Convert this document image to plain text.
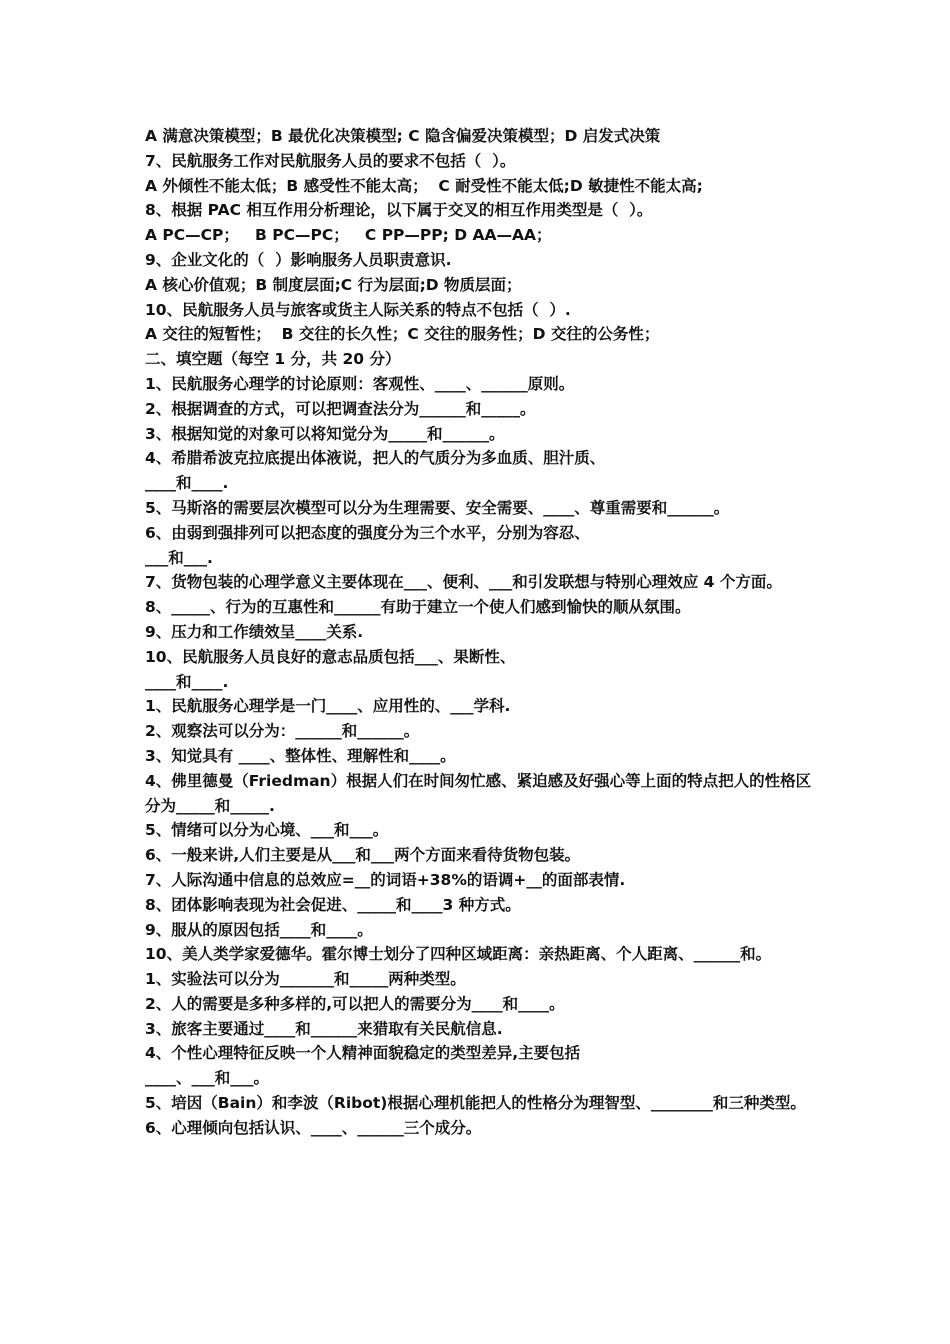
A 满意决策模型；B 最优化决策模型; C 隐含偏爱决策模型；D 启发式决策

7、民航服务工作对民航服务人员的要求不包括（  ）。

A 外倾性不能太低；B 感受性不能太高；  C 耐受性不能太低;D 敏捷性不能太高;

8、根据 PAC 相互作用分析理论，以下属于交叉的相互作用类型是（  ）。

A PC—CP；   B PC—PC；   C PP—PP; D AA—AA；

9、企业文化的（  ）影响服务人员职责意识.

A 核心价值观；B 制度层面;C 行为层面;D 物质层面；

10、民航服务人员与旅客或货主人际关系的特点不包括（  ）.

A 交往的短暂性；  B 交往的长久性；C 交往的服务性；D 交往的公务性；

二、填空题（每空 1 分，共 20 分）

1、民航服务心理学的讨论原则：客观性、____、______原则。

2、根据调查的方式，可以把调查法分为______和_____。

3、根据知觉的对象可以将知觉分为_____和______。

4、希腊希波克拉底提出体液说，把人的气质分为多血质、胆汁质、

____和____.

5、马斯洛的需要层次模型可以分为生理需要、安全需要、____、尊重需要和______。

6、由弱到强排列可以把态度的强度分为三个水平，分别为容忍、

___和___.

7、货物包装的心理学意义主要体现在___、便利、___和引发联想与特别心理效应 4 个方面。

8、_____、行为的互惠性和______有助于建立一个使人们感到愉快的顺从氛围。

9、压力和工作绩效呈____关系.

10、民航服务人员良好的意志品质包括___、果断性、

____和____.

1、民航服务心理学是一门____、应用性的、___学科.

2、观察法可以分为：______和______。

3、知觉具有 ____、整体性、理解性和____。

4、佛里德曼（Friedman）根据人们在时间匆忙感、紧迫感及好强心等上面的特点把人的性格区分为_____和_____.

5、情绪可以分为心境、___和___。

6、一般来讲,人们主要是从___和___两个方面来看待货物包装。

7、人际沟通中信息的总效应=__的词语+38%的语调+__的面部表情.

8、团体影响表现为社会促进、_____和____3 种方式。

9、服从的原因包括____和____。

10、美人类学家爱德华。霍尔博士划分了四种区域距离：亲热距离、个人距离、______和。

1、实验法可以分为_______和_____两种类型。

2、人的需要是多种多样的,可以把人的需要分为____和____。

3、旅客主要通过____和______来猎取有关民航信息.

4、个性心理特征反映一个人精神面貌稳定的类型差异,主要包括

____、___和___。

5、培因（Bain）和李波（Ribot)根据心理机能把人的性格分为理智型、________和三种类型。

6、心理倾向包括认识、____、______三个成分。
